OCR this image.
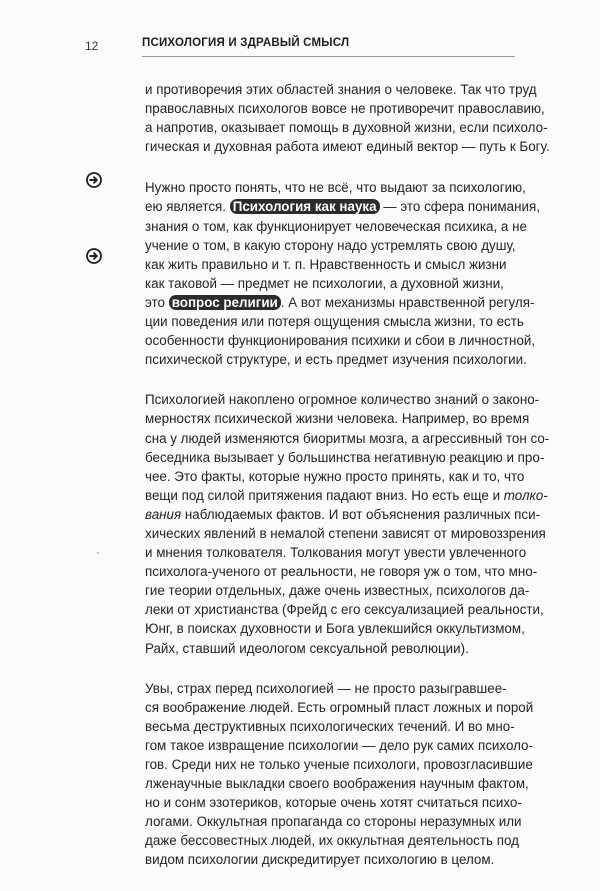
12	ПСИХОЛОГИЯ И ЗДРАВЫЙ СМЫСЛ

и противоречия этих областей знания о человеке. Так что труд
православных психологов вовсе не противоречит православию,
а напротив, оказывает помощь в духовной жизни, если психоло-
гическая и духовная работа имеют единый вектор — путь к Богу.

Нужно просто понять, что не всё, что выдают за психологию,
ею является. Психология как наука — это сфера понимания,
знания о том, как функционирует человеческая психика, а не
учение о том, в какую сторону надо устремлять свою душу,
как жить правильно и т. п. Нравственность и смысл жизни
как таковой — предмет не психологии, а духовной жизни,
это вопрос религии . А вот механизмы нравственной регуля-
ции поведения или потеря ощущения смысла жизни, то есть
особенности функционирования психики и сбои в личностной,
психической структуре, и есть предмет изучения психологии.

Психологией накоплено огромное количество знаний о законо-
мерностях психической жизни человека. Например, во время
сна у людей изменяются биоритмы мозга, а агрессивный тон со-
беседника вызывает у большинства негативную реакцию и про-
чее. Это факты, которые нужно просто принять, как и то, что
вещи под силой притяжения падают вниз. Но есть еще и толко-
вания наблюдаемых фактов. И вот объяснения различных пси-
хических явлений в немалой степени зависят от мировоззрения
и мнения толкователя. Толкования могут увести увлеченного
психолога-ученого от реальности, не говоря уж о том, что мно-
гие теории отдельных, даже очень известных, психологов да-
леки от христианства (Фрейд с его сексуализацией реальности,
Юнг, в поисках духовности и Бога увлекшийся оккультизмом,
Райх, ставший идеологом сексуальной революции).

Увы, страх перед психологией — не просто разыгравшее-
ся воображение людей. Есть огромный пласт ложных и порой
весьма деструктивных психологических течений. И во мно-
гом такое извращение психологии — дело рук самих психоло-
гов. Среди них не только ученые психологи, провозгласившие
лженаучные выкладки своего воображения научным фактом,
но и сонм эзотериков, которые очень хотят считаться психо-
логами. Оккультная пропаганда со стороны неразумных или
даже бессовестных людей, их оккультная деятельность под
видом психологии дискредитирует психологию в целом.
